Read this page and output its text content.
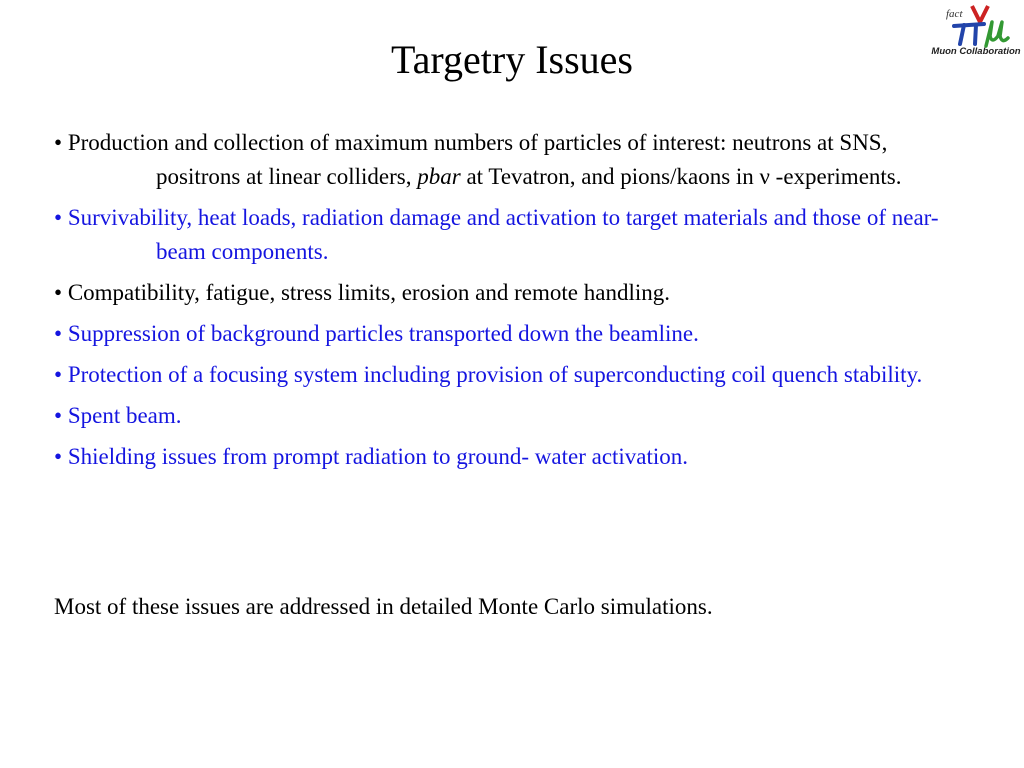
Targetry Issues
fact
Muon Collaboration
• Production and collection of maximum numbers of particles of interest: neutrons at SNS, positrons at linear colliders, pbar at Tevatron, and pions/kaons in ν -experiments.
• Survivability, heat loads, radiation damage and activation to target materials and those of near-beam components.
• Compatibility, fatigue, stress limits, erosion and remote handling.
• Suppression of background particles transported down the beamline.
• Protection of a focusing system including provision of superconducting coil quench stability.
• Spent beam.
• Shielding issues from prompt radiation to ground- water activation.
Most of these issues are addressed in detailed Monte Carlo simulations.
